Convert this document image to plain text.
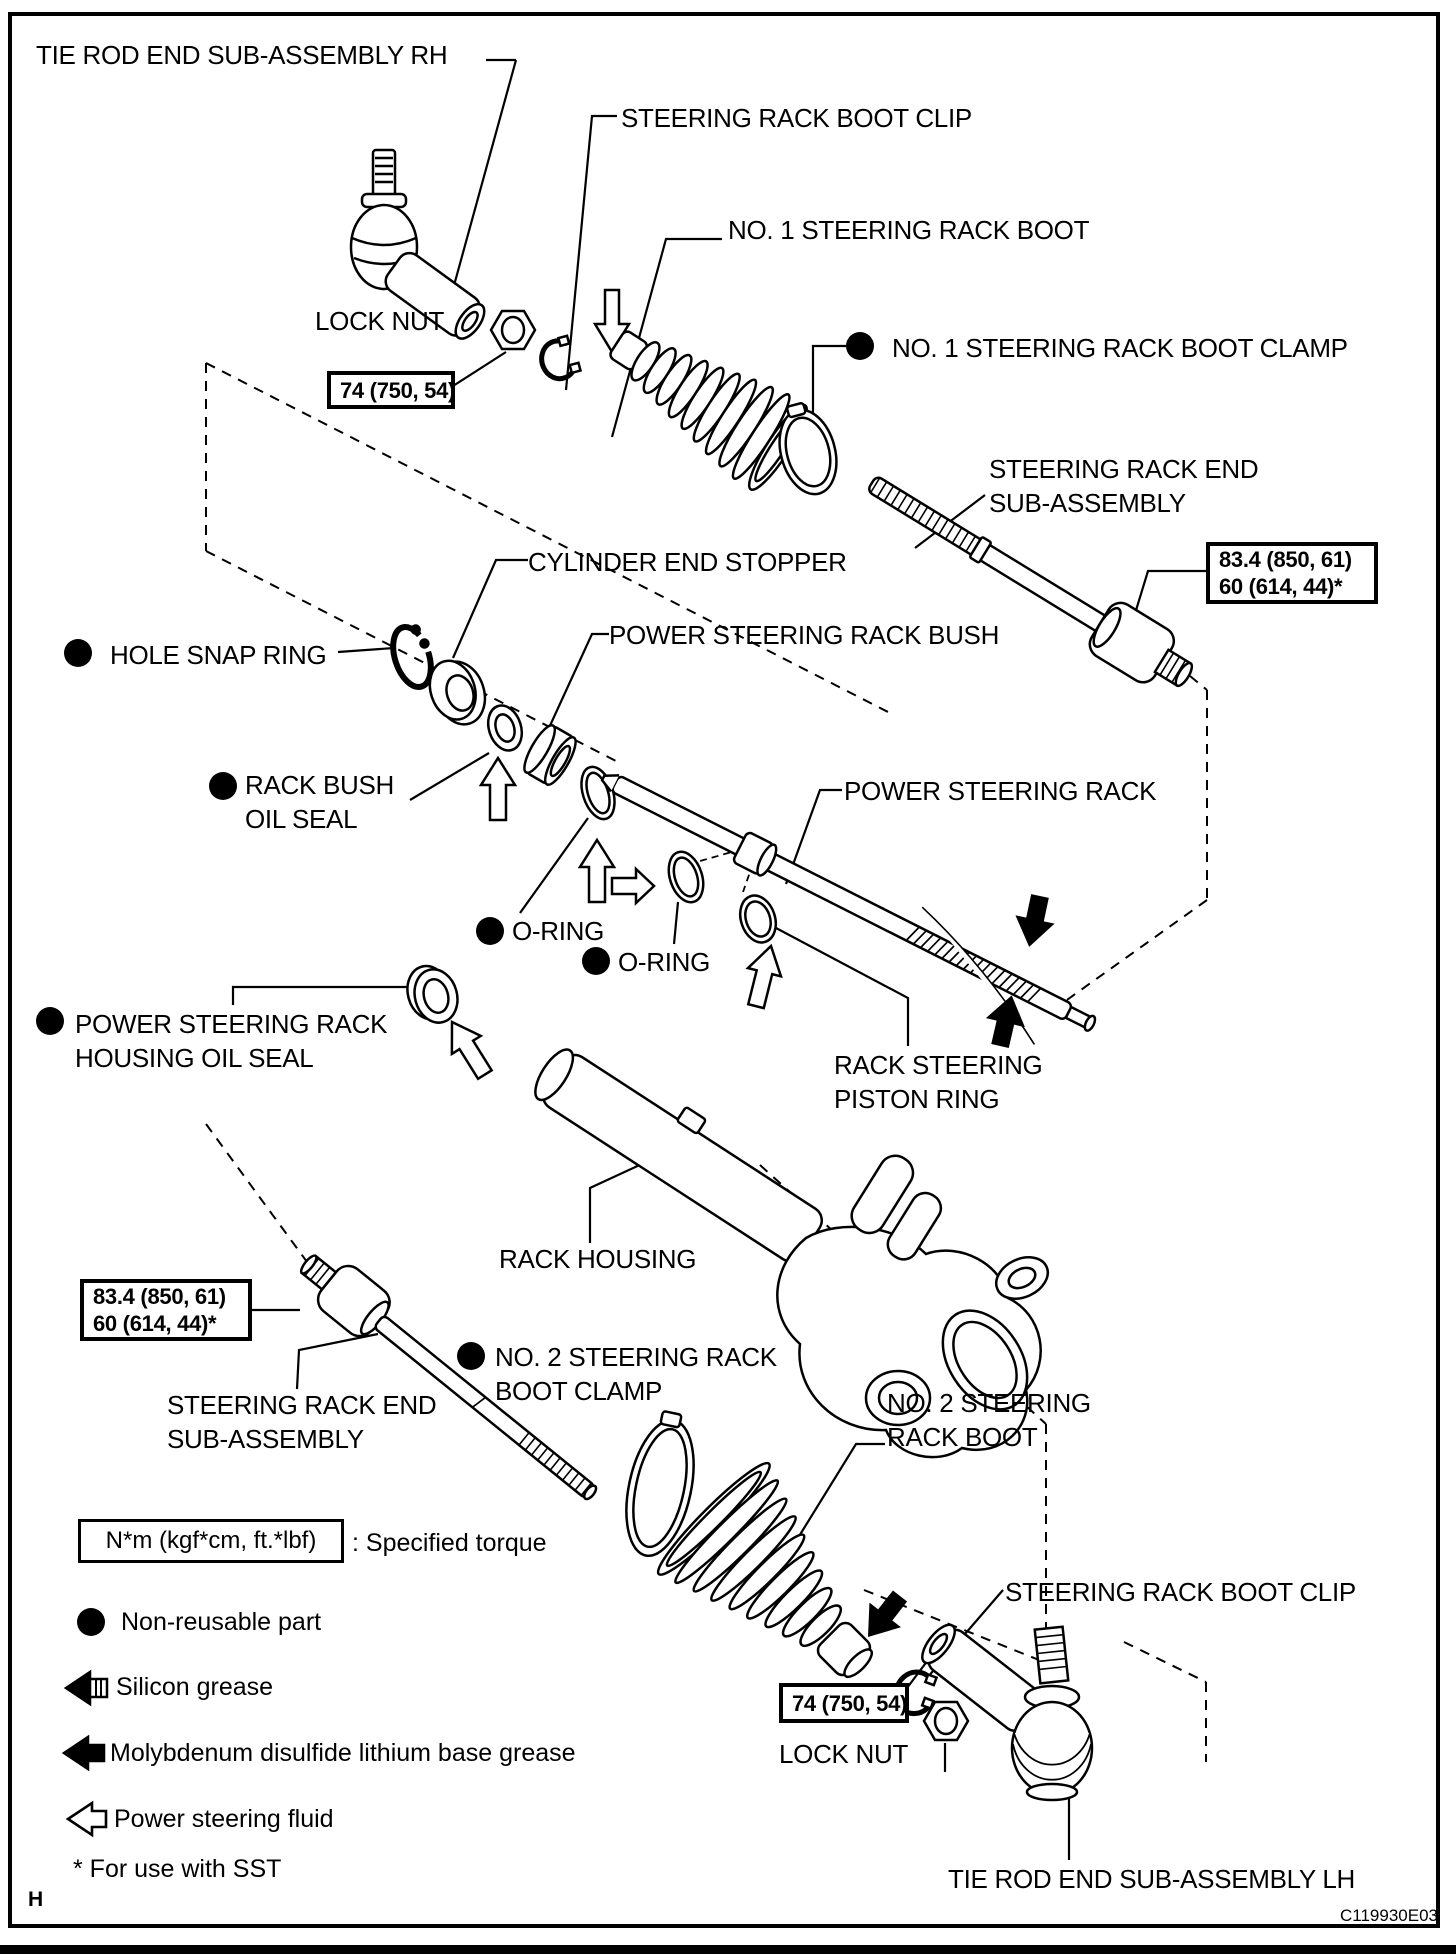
TIE ROD END SUB-ASSEMBLY RH
STEERING RACK BOOT CLIP
NO. 1 STEERING RACK BOOT
LOCK NUT
NO. 1 STEERING RACK BOOT CLAMP
STEERING RACK END
SUB-ASSEMBLY
CYLINDER END STOPPER
HOLE SNAP RING
POWER STEERING RACK BUSH
RACK BUSH
OIL SEAL
POWER STEERING RACK
O-RING
O-RING
RACK STEERING
PISTON RING
POWER STEERING RACK
HOUSING OIL SEAL
RACK HOUSING
NO. 2 STEERING RACK
BOOT CLAMP
STEERING RACK END
SUB-ASSEMBLY
NO. 2 STEERING
RACK BOOT
STEERING RACK BOOT CLIP
LOCK NUT
TIE ROD END SUB-ASSEMBLY LH
74 (750, 54)
83.4 (850, 61)
60 (614, 44)*
83.4 (850, 61)
60 (614, 44)*
74 (750, 54)
N*m (kgf*cm, ft.*lbf)	: Specified torque
Non-reusable part
Silicon grease
Molybdenum disulfide lithium base grease
Power steering fluid
* For use with SST
H
C119930E03
